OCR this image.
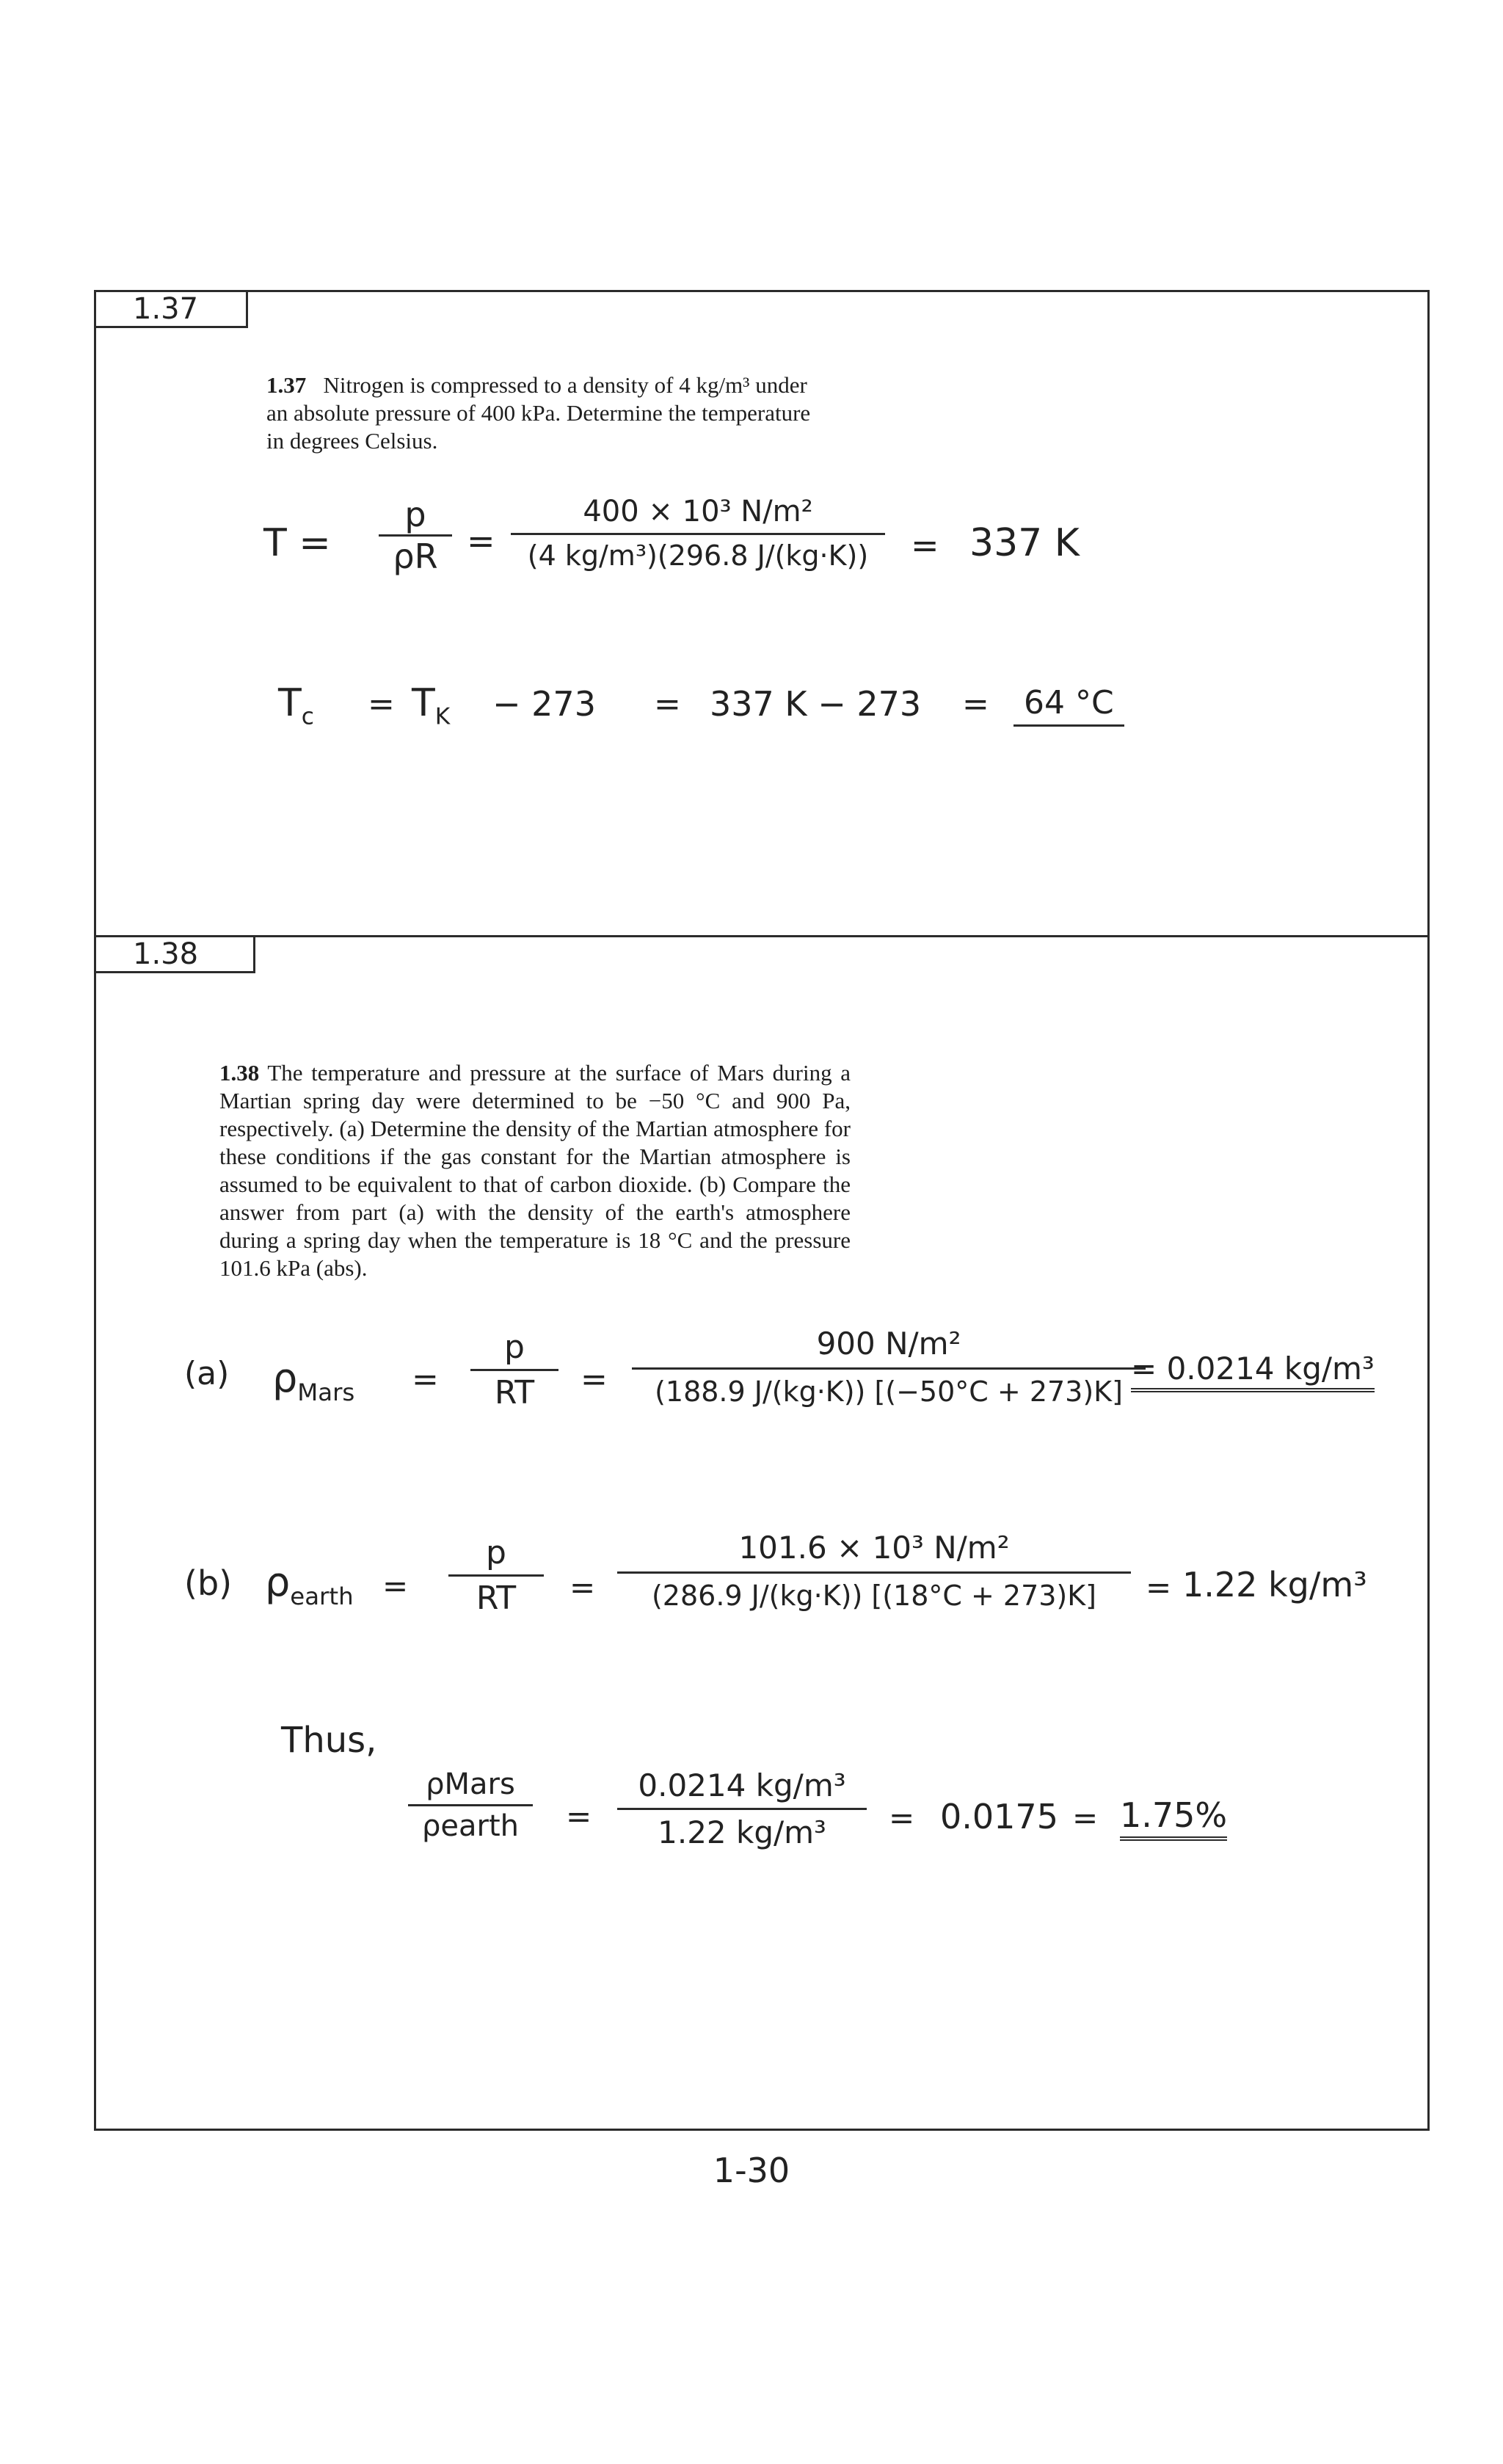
1.37
1.38
1.37 Nitrogen is compressed to a density of 4 kg/m³ under an absolute pressure of 400 kPa. Determine the temperature in degrees Celsius.
T =
p
ρR =
400 × 10³ N/m²
(4 kg/m³)(296.8 J/(kg·K)) = 337 K
$T_c = T_K - 273 = 337$ K − 273 =	64 °C
1.38 The temperature and pressure at the surface of Mars during a Martian spring day were determined to be −50 °C and 900 Pa, respectively. (a) Determine the density of the Martian atmosphere for these conditions if the gas constant for the Martian atmosphere is assumed to be equivalent to that of carbon dioxide. (b) Compare the answer from part (a) with the density of the earth's atmosphere during a spring day when the temperature is 18 °C and the pressure 101.6 kPa (abs).
(a) $\rho_{Mars}$ =
p
RT =
900 N/m²
(188.9 J/(kg·K)) [(−50°C + 273)K]
= 0.0214 kg/m³
(b) $\rho_{earth}$ =
p
RT =
101.6 × 10³ N/m²
(286.9 J/(kg·K)) [(18°C + 273)K] = 1.22 kg/m³
Thus,
ρMars
ρearth =
0.0214 kg/m³
1.22 kg/m³ = 0.0175 = 1.75%
1-30
